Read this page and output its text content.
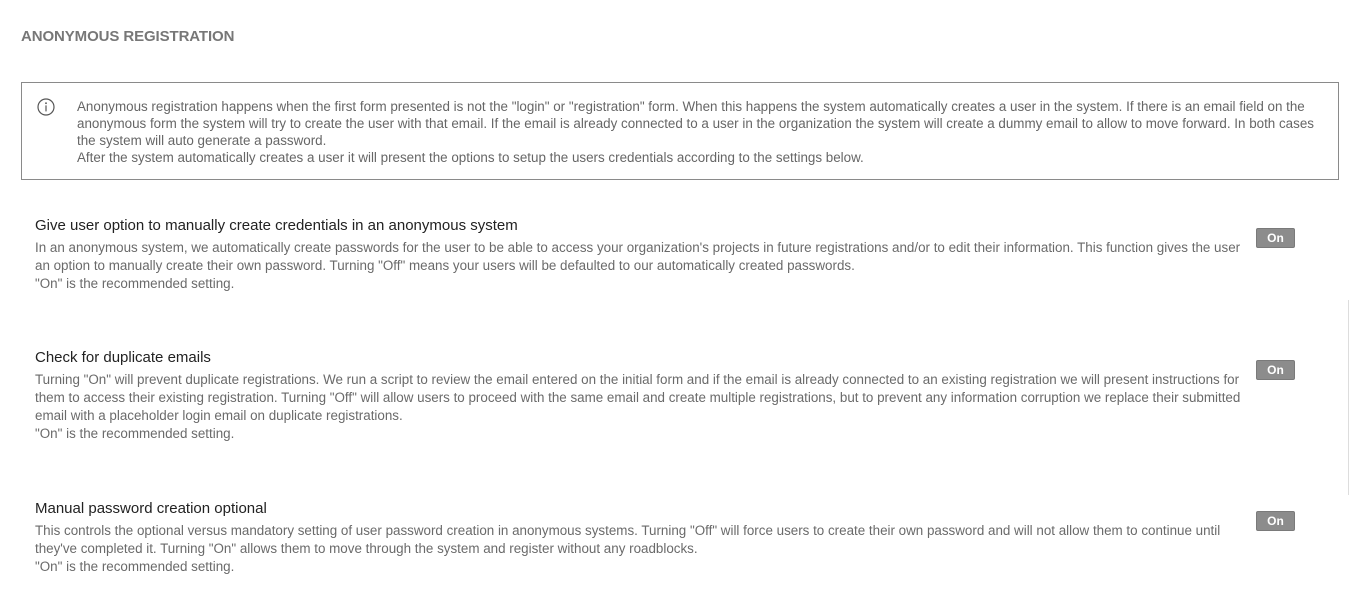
ANONYMOUS REGISTRATION

Anonymous registration happens when the first form presented is not the "login" or "registration" form. When this happens the system automatically creates a user in the system. If there is an email field on the anonymous form the system will try to create the user with that email. If the email is already connected to a user in the organization the system will create a dummy email to allow to move forward. In both cases the system will auto generate a password.

After the system automatically creates a user it will present the options to setup the users credentials according to the settings below.

Give user option to manually create credentials in an anonymous system

In an anonymous system, we automatically create passwords for the user to be able to access your organization's projects in future registrations and/or to edit their information. This function gives the user an option to manually create their own password. Turning "Off" means your users will be defaulted to our automatically created passwords.

"On" is the recommended setting.

On
Check for duplicate emails

Turning "On" will prevent duplicate registrations. We run a script to review the email entered on the initial form and if the email is already connected to an existing registration we will present instructions for them to access their existing registration. Turning "Off" will allow users to proceed with the same email and create multiple registrations, but to prevent any information corruption we replace their submitted email with a placeholder login email on duplicate registrations.

"On" is the recommended setting.

On
Manual password creation optional

This controls the optional versus mandatory setting of user password creation in anonymous systems. Turning "Off" will force users to create their own password and will not allow them to continue until they've completed it. Turning "On" allows them to move through the system and register without any roadblocks.

"On" is the recommended setting.

On
